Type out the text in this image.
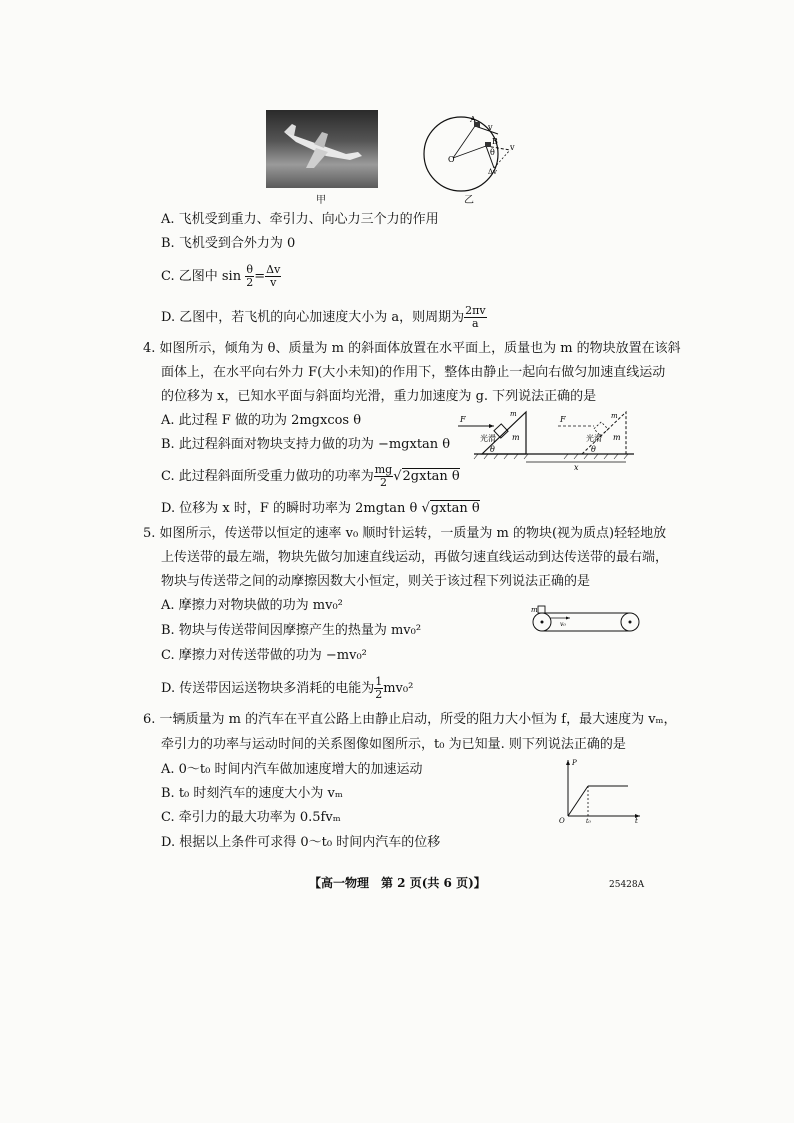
甲
A
B
O
v
v
θ
Δv
乙
A. 飞机受到重力、牵引力、向心力三个力的作用
B. 飞机受到合外力为 0
C. 乙图中 $\sin \frac{\theta}{2} = \frac{\Delta v}{v}$
D. 乙图中，若飞机的向心加速度大小为 a，则周期为 $\frac{2\pi v}{a}$
4. 如图所示，倾角为 θ、质量为 m 的斜面体放置在水平面上，质量也为 m 的物块放置在该斜
面体上，在水平向右外力 F(大小未知)的作用下，整体由静止一起向右做匀加速直线运动
的位移为 x，已知水平面与斜面均光滑，重力加速度为 g. 下列说法正确的是
A. 此过程 F 做的功为 2mgxcos θ
B. 此过程斜面对物块支持力做的功为 −mgxtan θ
C. 此过程斜面所受重力做功的功率为 $\frac{mg}{2} √2gxtan$ θ
D. 位移为 x 时，F 的瞬时功率为 2mgtan θ √gxtan θ
F	F
m
m
m
m
光滑	光滑
θ	θ
x
5. 如图所示，传送带以恒定的速率 v₀ 顺时针运转，一质量为 m 的物块(视为质点)轻轻地放
上传送带的最左端，物块先做匀加速直线运动，再做匀速直线运动到达传送带的最右端，
物块与传送带之间的动摩擦因数大小恒定，则关于该过程下列说法正确的是
A. 摩擦力对物块做的功为 mv₀²
B. 物块与传送带间因摩擦产生的热量为 mv₀²
C. 摩擦力对传送带做的功为 −mv₀²
D. 传送带因运送物块多消耗的电能为 $\frac{1}{2} mv_0^2$
m
v₀
6. 一辆质量为 m 的汽车在平直公路上由静止启动，所受的阻力大小恒为 f，最大速度为 vₘ，
牵引力的功率与运动时间的关系图像如图所示，t₀ 为已知量. 则下列说法正确的是
A. 0～t₀ 时间内汽车做加速度增大的加速运动
B. t₀ 时刻汽车的速度大小为 vₘ
C. 牵引力的最大功率为 0.5fvₘ
D. 根据以上条件可求得 0～t₀ 时间内汽车的位移
P
O	t₀	t
【高一物理　第 2 页(共 6 页)】	25428A
